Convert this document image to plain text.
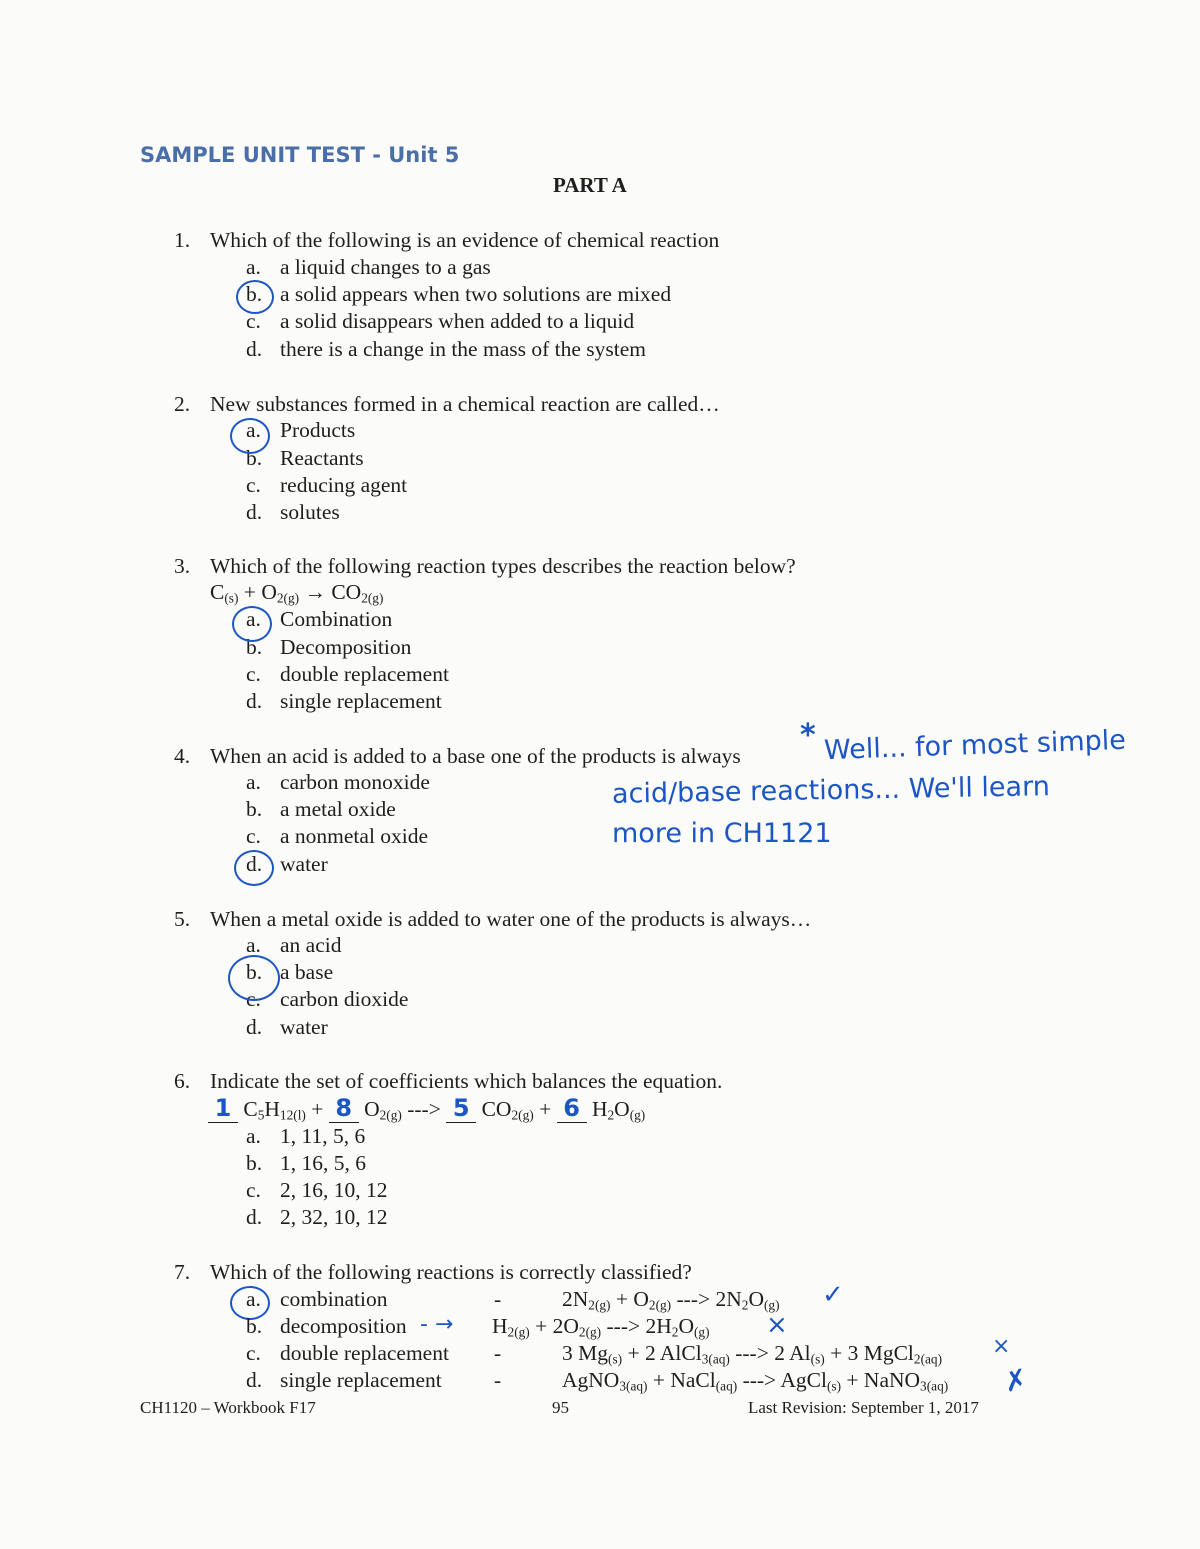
SAMPLE UNIT TEST - Unit 5
PART A
1. Which of the following is an evidence of chemical reaction
a. a liquid changes to a gas
b. a solid appears when two solutions are mixed
c. a solid disappears when added to a liquid
d. there is a change in the mass of the system
2. New substances formed in a chemical reaction are called…
a. Products
b. Reactants
c. reducing agent
d. solutes
3. Which of the following reaction types describes the reaction below?
$C_{(s)} + O_{2(g)} \to CO_{2(g)}$
a. Combination
b. Decomposition
c. double replacement
d. single replacement
4. When an acid is added to a base one of the products is always
a. carbon monoxide
b. a metal oxide
c. a nonmetal oxide
d. water
* Well... for most simple
acid/base reactions... We'll learn
more in CH1121
5. When a metal oxide is added to water one of the products is always…
a. an acid
b. a base
c. carbon dioxide
d. water
6. Indicate the set of coefficients which balances the equation.
1 $C_5H_{12(l)} + 8$ $O_{2(g)}$ ---> 5 $CO_{2(g)} + 6$ $H_2O_{(g)}$
a. 1, 11, 5, 6
b. 1, 16, 5, 6
c. 2, 16, 10, 12
d. 2, 32, 10, 12
7. Which of the following reactions is correctly classified?
a. combination	-	$2N_{2(g)} + O_{2(g)}$ ---> $2N_2O_{(g)}$ ✓
b. decomposition - → $H_{2(g)} + 2O_{2(g)}$ ---> $2H_2O_{(g)}$ ×
c. double replacement -	3 $Mg_{(s)} + 2$ AlCl$_{3(aq)}$ ---> 2 $Al_{(s)} + 3$ MgCl$_{2(aq)}$ ×
d. single replacement -	AgNO$_{3(aq)}$ + NaCl$_{(aq)}$ ---> AgCl$_{(s)}$ + NaNO$_{3(aq)}$ ✗
CH1120 – Workbook F17	95	Last Revision: September 1, 2017
